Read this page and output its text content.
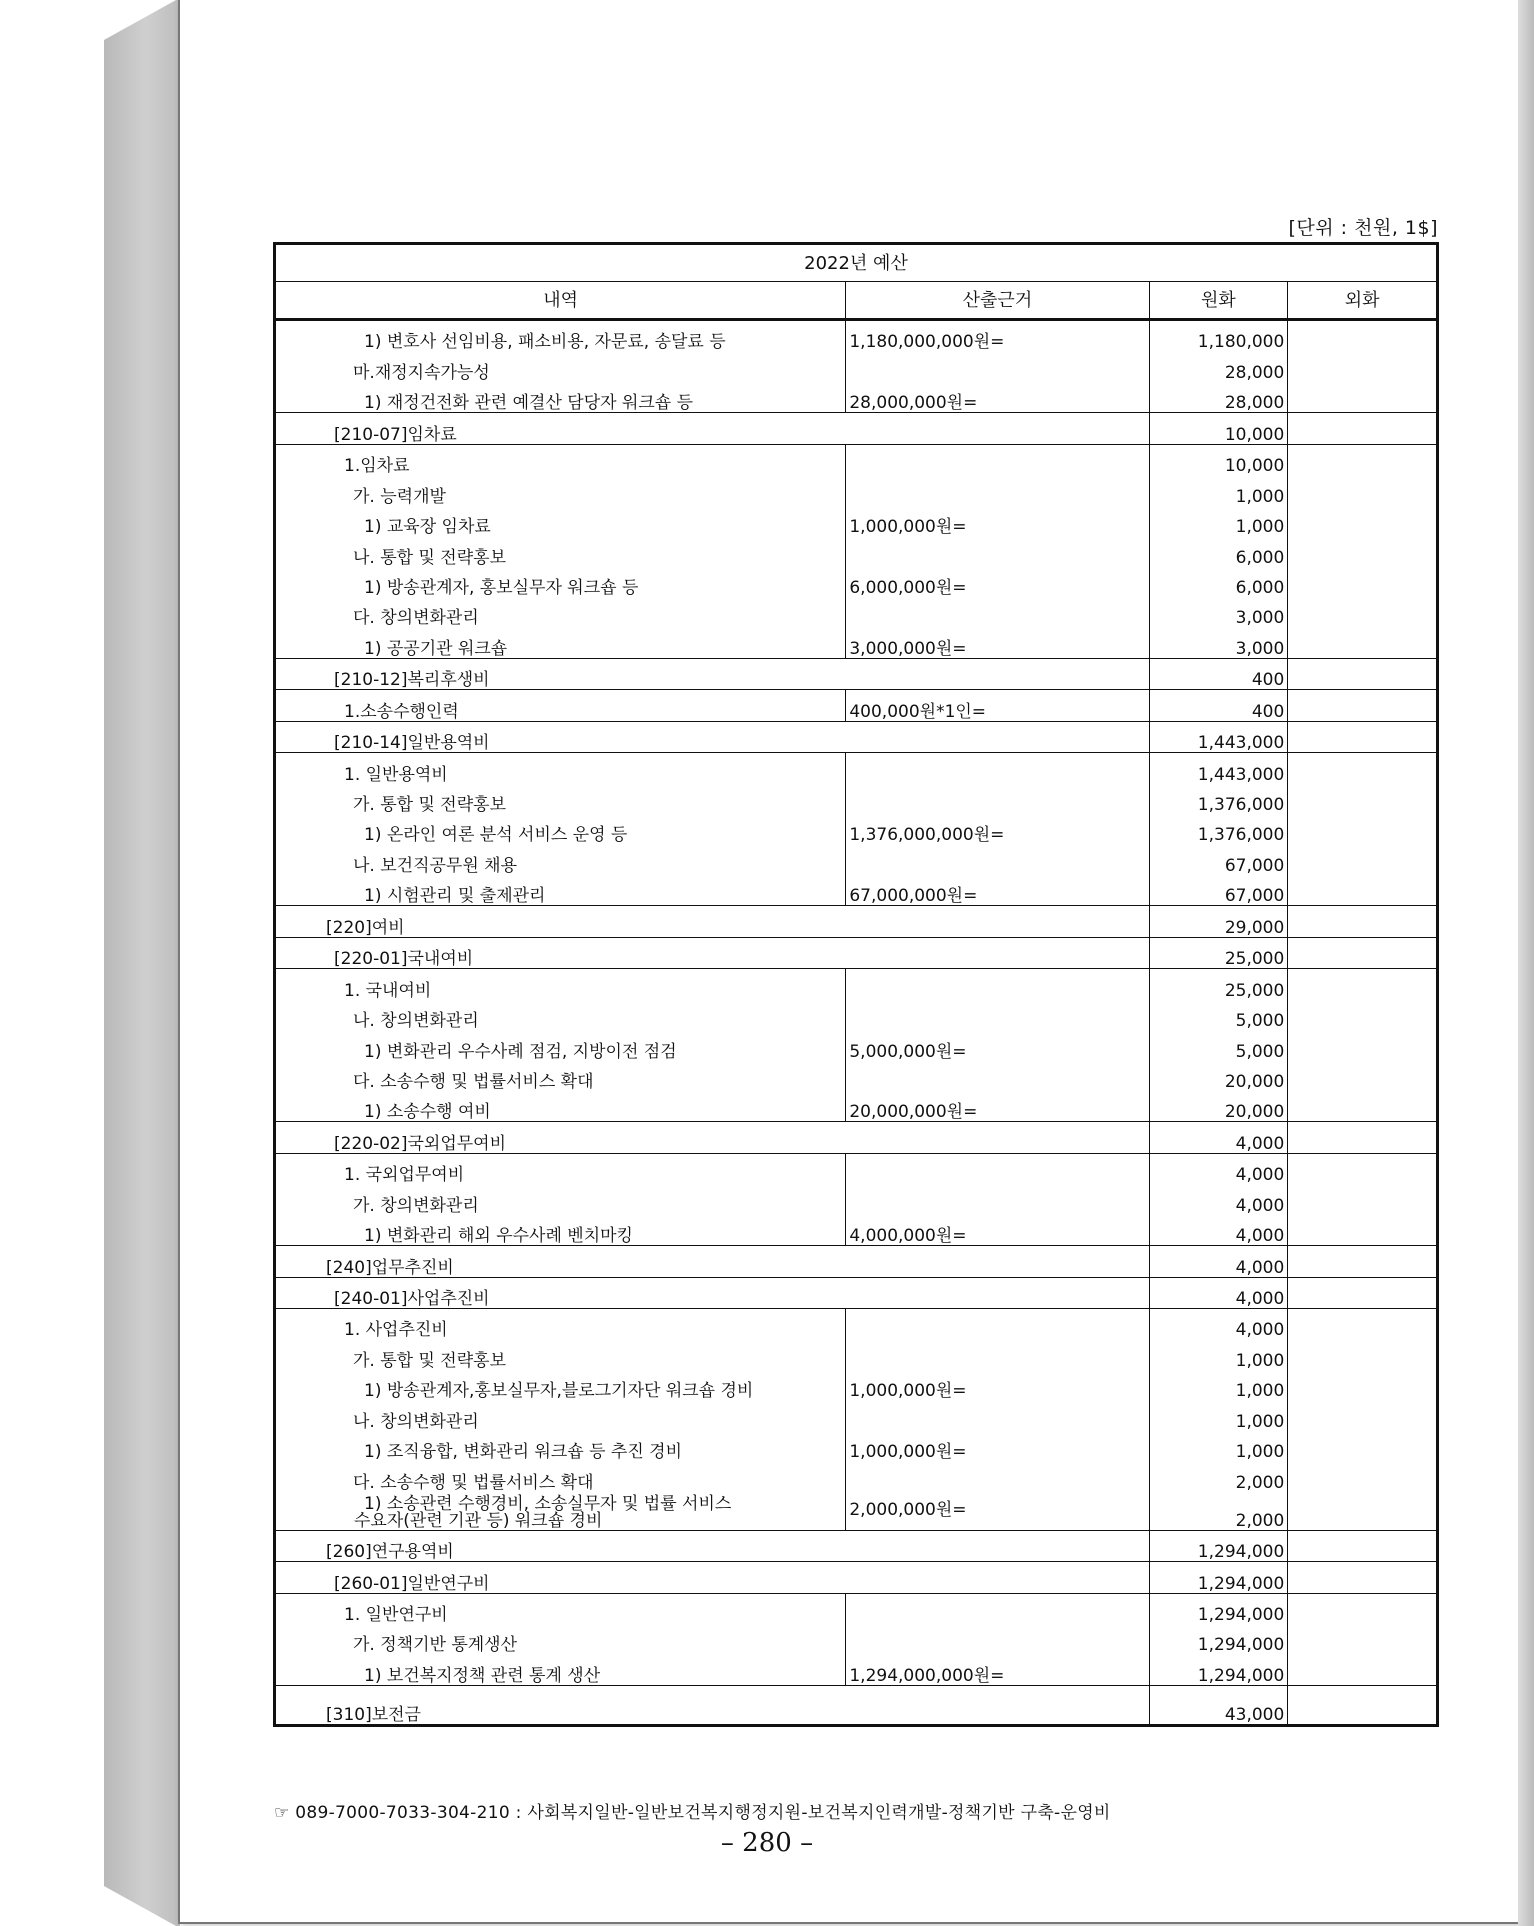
[단위 : 천원, 1$]
2022년 예산			
내역	산출근거	원화	외화
1) 변호사 선임비용, 패소비용, 자문료, 송달료 등	1,180,000,000원=	1,180,000	
마.재정지속가능성		28,000	
1) 재정건전화 관련 예결산 담당자 워크숍 등	28,000,000원=	28,000	
[210-07]임차료		10,000	
1.임차료		10,000	
가. 능력개발		1,000	
1) 교육장 임차료	1,000,000원=	1,000	
나. 통합 및 전략홍보		6,000	
1) 방송관계자, 홍보실무자 워크숍 등	6,000,000원=	6,000	
다. 창의변화관리		3,000	
1) 공공기관 워크숍	3,000,000원=	3,000	
[210-12]복리후생비		400	
1.소송수행인력	400,000원*1인=	400	
[210-14]일반용역비		1,443,000	
1. 일반용역비		1,443,000	
가. 통합 및 전략홍보		1,376,000	
1) 온라인 여론 분석 서비스 운영 등	1,376,000,000원=	1,376,000	
나. 보건직공무원 채용		67,000	
1) 시험관리 및 출제관리	67,000,000원=	67,000	
[220]여비		29,000	
[220-01]국내여비		25,000	
1. 국내여비		25,000	
나. 창의변화관리		5,000	
1) 변화관리 우수사례 점검, 지방이전 점검	5,000,000원=	5,000	
다. 소송수행 및 법률서비스 확대		20,000	
1) 소송수행 여비	20,000,000원=	20,000	
[220-02]국외업무여비		4,000	
1. 국외업무여비		4,000	
가. 창의변화관리		4,000	
1) 변화관리 해외 우수사례 벤치마킹	4,000,000원=	4,000	
[240]업무추진비		4,000	
[240-01]사업추진비		4,000	
1. 사업추진비		4,000	
가. 통합 및 전략홍보		1,000	
1) 방송관계자,홍보실무자,블로그기자단 워크숍 경비	1,000,000원=	1,000	
나. 창의변화관리		1,000	
1) 조직융합, 변화관리 워크숍 등 추진 경비	1,000,000원=	1,000	
다. 소송수행 및 법률서비스 확대		2,000	

1) 소송관련 수행경비, 소송실무자 및 법률 서비스
수요자(관련 기관 등) 워크숍 경비	2,000,000원=	2,000	
[260]연구용역비		1,294,000	
[260-01]일반연구비		1,294,000	
1. 일반연구비		1,294,000	
가. 정책기반 통계생산		1,294,000	
1) 보건복지정책 관련 통계 생산	1,294,000,000원=	1,294,000	
[310]보전금		43,000	
☞ 089-7000-7033-304-210 : 사회복지일반-일반보건복지행정지원-보건복지인력개발-정책기반 구축-운영비
– 280 –
